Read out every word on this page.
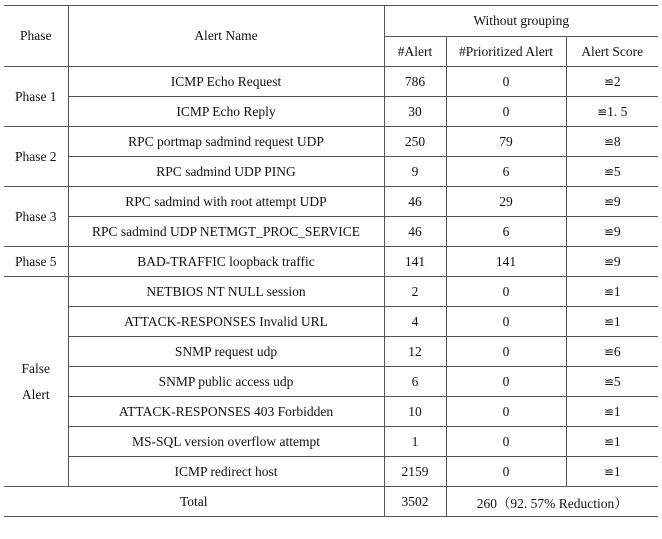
Phase	Alert Name	Without grouping		
		#Alert	#Prioritized Alert	Alert Score
Phase 1	ICMP Echo Request	786	0	≌2
	ICMP Echo Reply	30	0	≌1. 5
Phase 2	RPC portmap sadmind request UDP	250	79	≌8
	RPC sadmind UDP PING	9	6	≌5
Phase 3	RPC sadmind with root attempt UDP	46	29	≌9
	RPC sadmind UDP NETMGT_PROC_SERVICE	46	6	≌9
Phase 5	BAD-TRAFFIC loopback traffic	141	141	≌9

False
Alert	NETBIOS NT NULL session	2	0	≌1
	ATTACK-RESPONSES Invalid URL	4	0	≌1
	SNMP request udp	12	0	≌6
	SNMP public access udp	6	0	≌5
	ATTACK-RESPONSES 403 Forbidden	10	0	≌1
	MS-SQL version overflow attempt	1	0	≌1
	ICMP redirect host	2159	0	≌1
Total		3502	260（92. 57% Reduction）	
